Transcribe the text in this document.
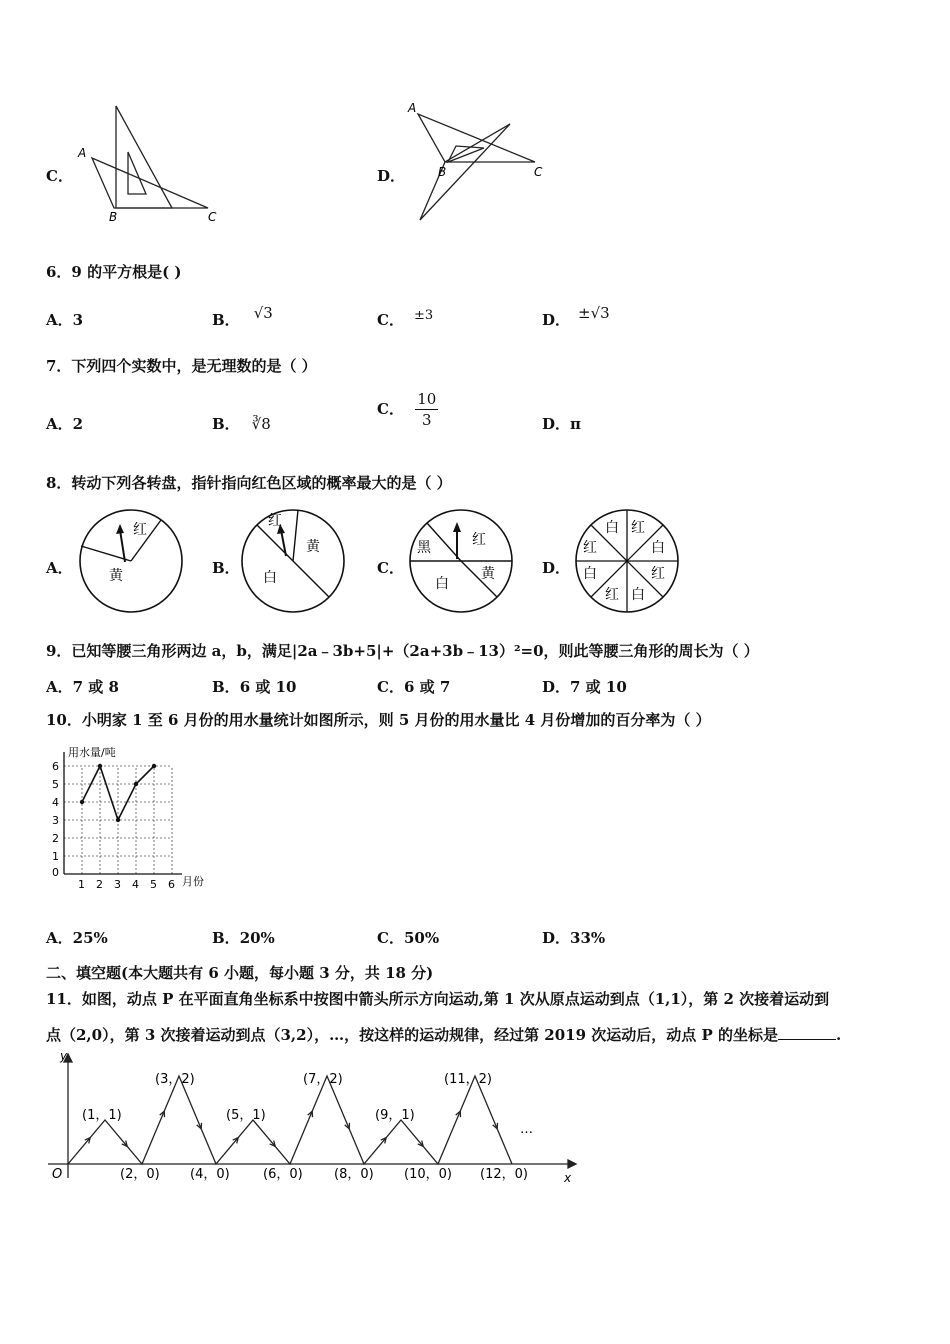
C．
A
B	C
D．
A
B	C
6．9 的平方根是( )
A．3	B． √3	C． ±3	D． ±√3
7．下列四个实数中，是无理数的是（ ）
A．2	B． ∛8
C． $\frac{10}{3}$	D．π
8．转动下列各转盘，指针指向红色区域的概率最大的是（ ）
A．
红
黄	B．
红
黄
白
C．
黑	红
黄
白
D．
白 红
红	白
白	红
红 白
9．已知等腰三角形两边 a，b，满足|2a﹣3b+5|+（2a+3b﹣13）²=0，则此等腰三角形的周长为（ ）
A．7 或 8	B．6 或 10	C．6 或 7	D．7 或 10
10．小明家 1 至 6 月份的用水量统计如图所示，则 5 月份的用水量比 4 月份增加的百分率为（ ）
0
1 2 3 4 5 6
1
2
3
4
5
6
用水量/吨
月份
A．25%	B．20%	C．50%	D．33%
二、填空题(本大题共有 6 小题，每小题 3 分，共 18 分)
11．如图，动点 P 在平面直角坐标系中按图中箭头所示方向运动,第 1 次从原点运动到点（1,1），第 2 次接着运动到
点（2,0），第 3 次接着运动到点（3,2），…，按这样的运动规律，经过第 2019 次运动后，动点 P 的坐标是	.
y
x
O
(1，1)
(3，2)
(5，1)
(7，2)
(9，1)
(11，2)
(2，0) (4，0)	(6，0) (8，0) (10，0) (12，0)
…
